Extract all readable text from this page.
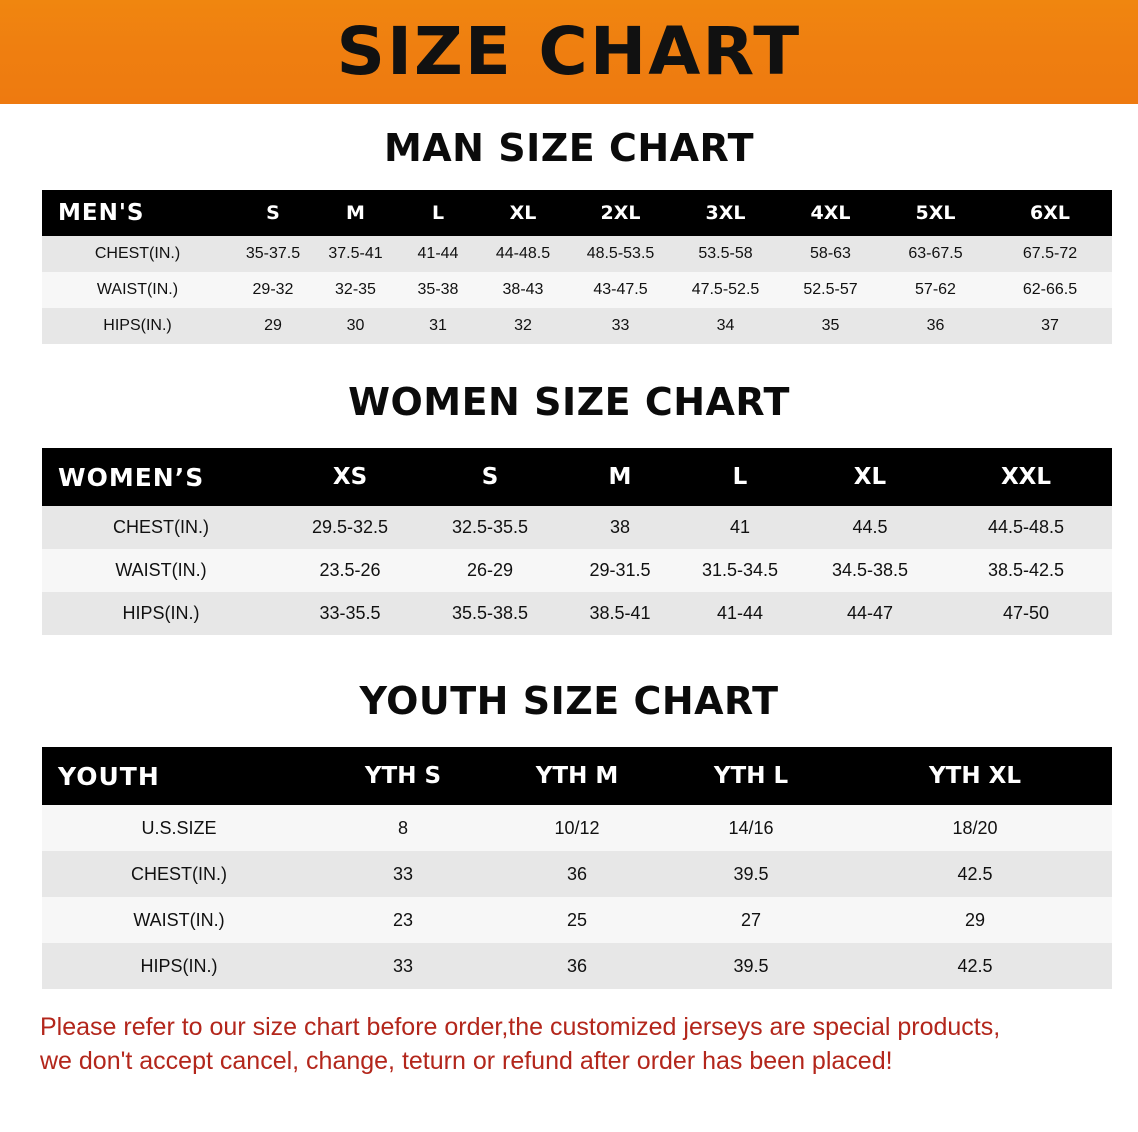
SIZE CHART
MAN SIZE CHART
MEN'S	S	M	L	XL	2XL	3XL	4XL	5XL	6XL
CHEST(IN.)	35-37.5	37.5-41	41-44	44-48.5	48.5-53.5	53.5-58	58-63	63-67.5	67.5-72
WAIST(IN.)	29-32	32-35	35-38	38-43	43-47.5	47.5-52.5	52.5-57	57-62	62-66.5
HIPS(IN.)	29	30	31	32	33	34	35	36	37
WOMEN SIZE CHART
WOMEN’S	XS	S	M	L	XL	XXL
CHEST(IN.)	29.5-32.5	32.5-35.5	38	41	44.5	44.5-48.5
WAIST(IN.)	23.5-26	26-29	29-31.5	31.5-34.5	34.5-38.5	38.5-42.5
HIPS(IN.)	33-35.5	35.5-38.5	38.5-41	41-44	44-47	47-50
YOUTH SIZE CHART
YOUTH	YTH S	YTH M	YTH L	YTH XL
U.S.SIZE	8	10/12	14/16	18/20
CHEST(IN.)	33	36	39.5	42.5
WAIST(IN.)	23	25	27	29
HIPS(IN.)	33	36	39.5	42.5
Please refer to our size chart before order,the customized jerseys are special products,
we don't accept cancel, change, teturn or refund after order has been placed!
